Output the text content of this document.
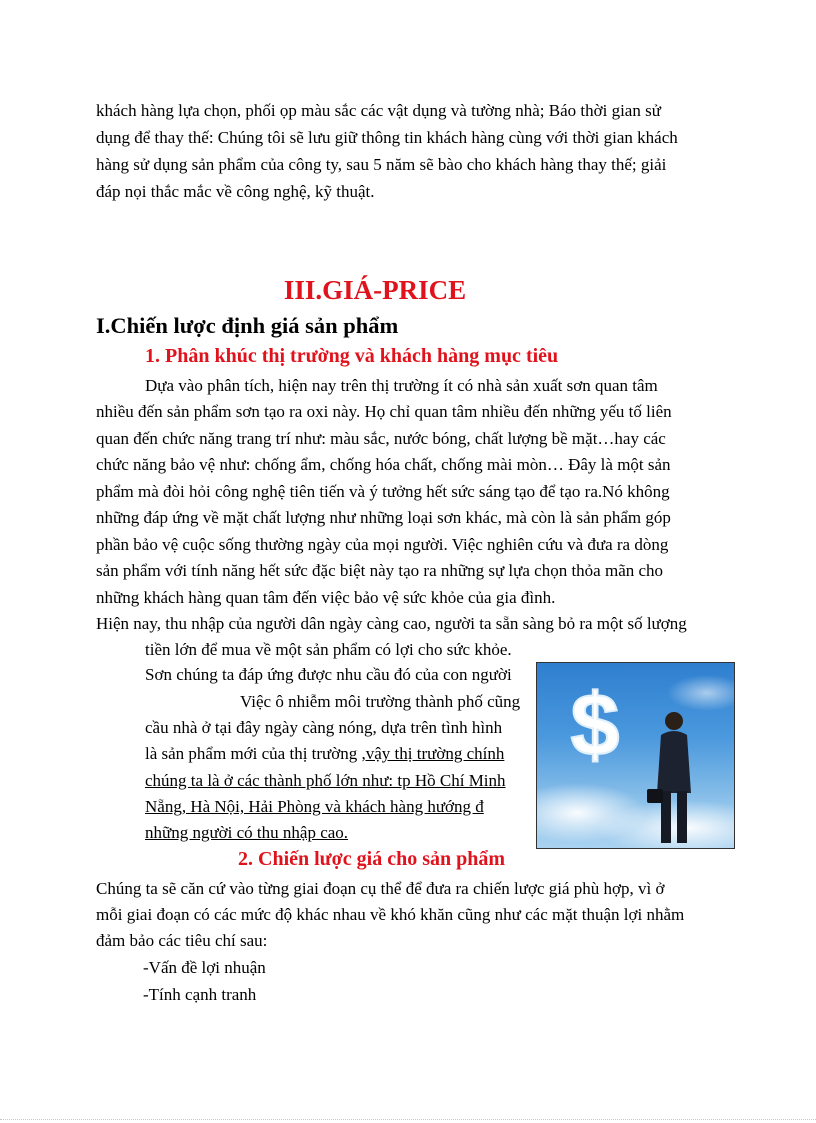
khách hàng lựa chọn, phối ọp màu sắc các vật dụng và tường nhà; Báo thời gian sử
dụng để thay thế: Chúng tôi sẽ lưu giữ thông tin khách hàng cùng với thời gian khách
hàng sử dụng sản phẩm của công ty, sau 5 năm sẽ bào cho khách hàng thay thế; giải
đáp nọi thắc mắc về công nghệ, kỹ thuật.
III.GIÁ-PRICE
I.Chiến lược định giá sản phẩm
1. Phân khúc thị trường và khách hàng mục tiêu
Dựa vào phân tích, hiện nay trên thị trường ít có nhà sản xuất sơn quan tâm
nhiều đến sản phẩm sơn tạo ra oxi này. Họ chỉ quan tâm nhiều đến những yếu tố liên
quan đến chức năng trang trí như: màu sắc, nước bóng, chất lượng bề mặt…hay các
chức năng bảo vệ như: chống ẩm, chống hóa chất, chống mài mòn… Đây là một sản
phẩm mà đòi hỏi công nghệ tiên tiến và ý tưởng hết sức sáng tạo để tạo ra.Nó không
những đáp ứng về mặt chất lượng như những loại sơn khác, mà còn là sản phẩm góp
phần bảo vệ cuộc sống thường ngày của mọi người. Việc nghiên cứu và đưa ra dòng
sản phẩm với tính năng hết sức đặc biệt này tạo ra những sự lựa chọn thỏa mãn cho
những khách hàng quan tâm đến việc bảo vệ sức khỏe của gia đình.
Hiện nay, thu nhập của người dân ngày càng cao, người ta sẵn sàng bỏ ra một số lượng
tiền lớn để mua về một sản phẩm có lợi cho sức khỏe.
Sơn chúng ta đáp ứng được nhu cầu đó của con người
Việc ô nhiễm môi trường thành phố cũng
cầu nhà ở tại đây ngày càng nóng, dựa trên tình hình
là sản phẩm mới của thị trường ,vậy thị trường chính
chúng ta là ở các thành phố lớn như: tp Hồ Chí Minh
Nẵng, Hà Nội, Hải Phòng và khách hàng hướng đ
những người có thu nhập cao.
$
2. Chiến lược giá cho sản phẩm
Chúng ta sẽ căn cứ vào từng giai đoạn cụ thể để đưa ra chiến lược giá phù hợp, vì ở
mỗi giai đoạn có các mức độ khác nhau về khó khăn cũng như các mặt thuận lợi nhằm
đảm bảo các tiêu chí sau:
-Vấn đề lợi nhuận
-Tính cạnh tranh
